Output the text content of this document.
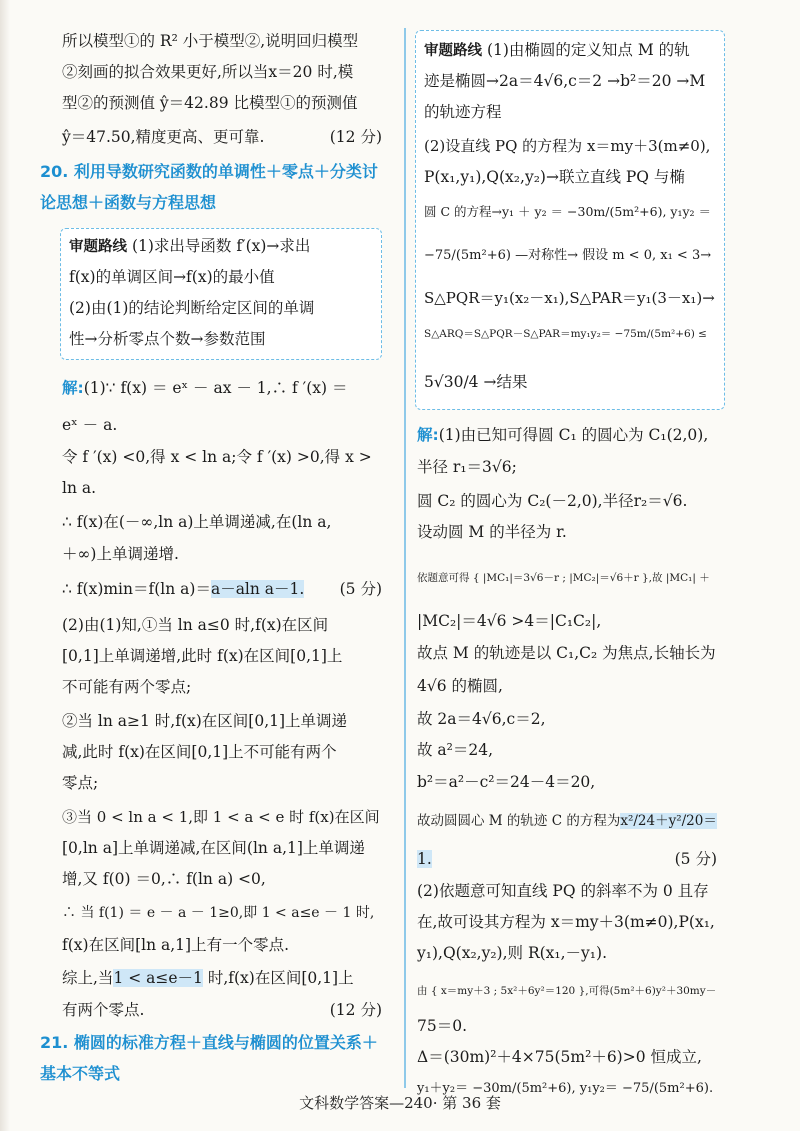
所以模型①的 R² 小于模型②,说明回归模型
②刻画的拟合效果更好,所以当x＝20 时,模
型②的预测值 ŷ＝42.89 比模型①的预测值
ŷ＝47.50,精度更高、更可靠.	(12 分)
20. 利用导数研究函数的单调性＋零点＋分类讨
论思想＋函数与方程思想
审题路线 (1)求出导函数 f′(x)→求出
f(x)的单调区间→f(x)的最小值
(2)由(1)的结论判断给定区间的单调
性→分析零点个数→参数范围
解:(1)∵ f(x) ＝ eˣ － ax － 1,∴ f ′(x) ＝
eˣ － a.
令 f ′(x) <0,得 x < ln a;令 f ′(x) >0,得 x >
ln a.
∴ f(x)在(－∞,ln a)上单调递减,在(ln a,
＋∞)上单调递增.
∴ f(x)min＝f(ln a)＝a－aln a－1. (5 分)
(2)由(1)知,①当 ln a≤0 时,f(x)在区间
[0,1]上单调递增,此时 f(x)在区间[0,1]上
不可能有两个零点;
②当 ln a≥1 时,f(x)在区间[0,1]上单调递
减,此时 f(x)在区间[0,1]上不可能有两个
零点;
③当 0 < ln a < 1,即 1 < a < e 时 f(x)在区间
[0,ln a]上单调递减,在区间(ln a,1]上单调递
增,又 f(0) ＝0,∴ f(ln a) <0,
∴ 当 f(1) ＝ e － a － 1≥0,即 1 < a≤e － 1 时,
f(x)在区间[ln a,1]上有一个零点.
综上,当1 < a≤e－1 时,f(x)在区间[0,1]上
有两个零点.	(12 分)
21. 椭圆的标准方程＋直线与椭圆的位置关系＋
基本不等式
审题路线 (1)由椭圆的定义知点 M 的轨
迹是椭圆→2a＝4√6,c＝2 →b²＝20 →M
的轨迹方程
(2)设直线 PQ 的方程为 x＝my＋3(m≠0),
P(x₁,y₁),Q(x₂,y₂)→联立直线 PQ 与椭
圆 C 的方程→y₁ ＋ y₂ ＝ −30m/(5m²+6), y₁y₂ ＝
−75/(5m²+6) —对称性→ 假设 m < 0, x₁ < 3→
S△PQR＝y₁(x₂－x₁),S△PAR＝y₁(3－x₁)→
S△ARQ＝S△PQR－S△PAR＝my₁y₂＝ −75m/(5m²+6) ≤
5√30/4 →结果
解:(1)由已知可得圆 C₁ 的圆心为 C₁(2,0),
半径 r₁＝3√6;
圆 C₂ 的圆心为 C₂(－2,0),半径r₂＝√6.
设动圆 M 的半径为 r.
依题意可得 { |MC₁|＝3√6－r ; |MC₂|＝√6＋r },故 |MC₁| ＋
|MC₂|＝4√6 >4＝|C₁C₂|,
故点 M 的轨迹是以 C₁,C₂ 为焦点,长轴长为
4√6 的椭圆,
故 2a＝4√6,c＝2,
故 a²＝24,
b²＝a²－c²＝24－4＝20,
故动圆圆心 M 的轨迹 C 的方程为x²/24＋y²/20＝
1.	(5 分)
(2)依题意可知直线 PQ 的斜率不为 0 且存
在,故可设其方程为 x＝my＋3(m≠0),P(x₁,
y₁),Q(x₂,y₂),则 R(x₁,－y₁).
由 { x＝my＋3 ; 5x²＋6y²＝120 },可得(5m²＋6)y²＋30my－
75＝0.
Δ＝(30m)²＋4×75(5m²＋6)>0 恒成立,
y₁＋y₂＝ −30m/(5m²+6), y₁y₂＝ −75/(5m²+6).
文科数学答案—240· 第 36 套
